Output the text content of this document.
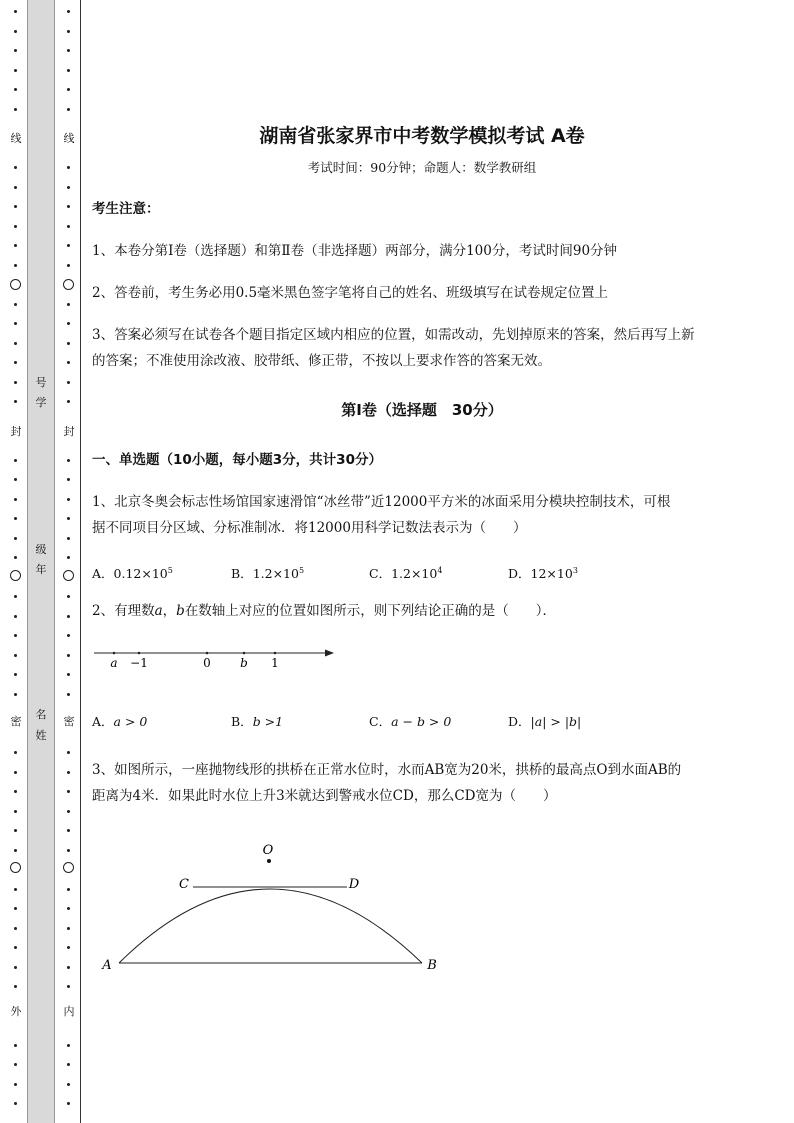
线
封
密
外
号
学
级
年
名
姓
线
封
密
内
湖南省张家界市中考数学模拟考试 A卷
考试时间：90分钟；命题人：数学教研组
考生注意：
1、本卷分第I卷（选择题）和第Ⅱ卷（非选择题）两部分，满分100分，考试时间90分钟
2、答卷前，考生务必用0.5毫米黑色签字笔将自己的姓名、班级填写在试卷规定位置上
3、答案必须写在试卷各个题目指定区域内相应的位置，如需改动，先划掉原来的答案，然后再写上新
的答案；不准使用涂改液、胶带纸、修正带，不按以上要求作答的答案无效。
第I卷（选择题　30分）
一、单选题（10小题，每小题3分，共计30分）
1、北京冬奥会标志性场馆国家速滑馆“冰丝带”近12000平方米的冰面采用分模块控制技术，可根
据不同项目分区域、分标准制冰．将12000用科学记数法表示为（　　）
A．$0.12\times 10^5$	B．$1.2\times 10^5$	C．$1.2\times 10^4$	D．$12\times 10^3$
2、有理数a，b在数轴上对应的位置如图所示，则下列结论正确的是（　　）．
a −1	0 b 1
A．a > 0	B．b >1	C．a − b > 0	D．|a| > |b|
3、如图所示，一座抛物线形的拱桥在正常水位时，水而AB宽为20米，拱桥的最高点O到水面AB的
距离为4米．如果此时水位上升3米就达到警戒水位CD，那么CD宽为（　　）
O
C	D
A	B
